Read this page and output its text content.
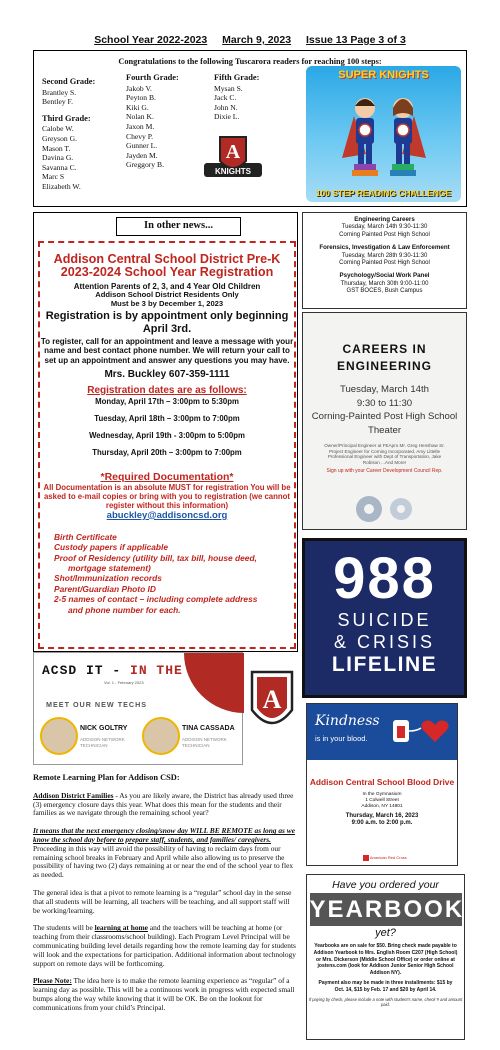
School Year 2022-2023 March 9, 2023 Issue 13 Page 3 of 3
Congratulations to the following Tuscarora readers for reaching 100 steps:
Second Grade:
Brantley S.
Bentley F.
Third Grade:
Calobe W.
Greyson G.
Mason T.
Davina G.
Savanna C.
Marc S
Elizabeth W.
Fourth Grade:
Jakob V.
Peyton B.
Kiki G.
Nolan K.
Jaxon M.
Chevy P.
Gunner L.
Jayden M.
Greggory B.
Fifth Grade:
Mysan S.
Jack C.
John N.
Dixie L.
A
KNIGHTS
SUPER KNIGHTS
100 STEP READING CHALLENGE
In other news...
Addison Central School District Pre-K 2023-2024 School Year Registration
Attention Parents of 2, 3, and 4 Year Old Children
Addison School District Residents Only
Must be 3 by December 1, 2023
Registration is by appointment only beginning April 3rd.
To register, call for an appointment and leave a message with your name and best contact phone number. We will return your call to set up an appointment and answer any questions you may have.
Mrs. Buckley 607-359-1111
Registration dates are as follows:
Monday, April 17th – 3:00pm to 5:30pm
Tuesday, April 18th – 3:00pm to 7:00pm
Wednesday, April 19th - 3:00pm to 5:00pm
Thursday, April 20th – 3:00pm to 7:00pm
*Required Documentation*
All Documentation is an absolute MUST for registration You will be asked to e-mail copies or bring with you to registration (we cannot register without this information)
abuckley@addisoncsd.org
Birth Certificate
Custody papers if applicable
Proof of Residency (utility bill, tax bill, house deed,
mortgage statement)
Shot/Immunization records
Parent/Guardian Photo ID
2-5 names of contact – including complete address
and phone number for each.
Engineering Careers
Tuesday, March 14th 9:30-11:30
Corning Painted Post High School
Forensics, Investigation & Law Enforcement
Tuesday, March 28th 9:30-11:30
Corning Painted Post High School
Psychology/Social Work Panel
Thursday, March 30th 9:00-11:00
GST BOCES, Bush Campus
CAREERS IN
ENGINEERING
Tuesday, March 14th
9:30 to 11:30
Corning-Painted Post High School Theater
Owner/Principal Engineer at FEApro Mr. Greg Henshaw Sr. Project Engineer for Corning Incorporated, Amy Littelle Professional Engineer with Dept of Transportation, Jake Robison ...And More!
Sign up with your Career Development Council Rep.
988
SUICIDE
& CRISIS
LIFELINE
ACSD IT - IN THE KNOW
Vol. 1 - February 2023
MEET OUR NEW TECHS
NICK GOLTRY
ADDISON NETWORK TECHNICIAN
TINA CASSADA
ADDISON NETWORK TECHNICIAN
A
Remote Learning Plan for Addison CSD:

Addison District Families - As you are likely aware, the District has already used three (3) emergency closure days this year. What does this mean for the students and their families as we navigate through the remaining school year?

It means that the next emergency closing/snow day WILL BE REMOTE as long as we know the school day before to prepare staff, students, and families/ caregivers. Proceeding in this way will avoid the possibility of having to reclaim days from our remaining school breaks in February and April while also allowing us to preserve the possibility of having two (2) days remaining at or near the end of the school year to flex as needed.

The general idea is that a pivot to remote learning is a “regular” school day in the sense that all students will be learning, all teachers will be teaching, and all support staff will be working/learning.

The students will be learning at home and the teachers will be teaching at home (or teaching from their classrooms/school building). Each Program Level Principal will be communicating building level details regarding how the remote learning day for students will look and the expectations for participation. Additional information about technology support on remote days will be forthcoming.

Please Note: The idea here is to make the remote learning experience as “regular” of a learning day as possible. This will be a continuous work in progress with expected small bumps along the way while knowing that it will be OK. Be on the lookout for communications from your child’s Principal.

Kindness
is in your blood.
Addison Central School Blood Drive
In the Gymnasium
1 Colwell Street
Addison, NY 14801
Thursday, March 16, 2023
9:00 a.m. to 2:00 p.m.
American Red Cross
Have you ordered your
YEARBOOK
yet?
Yearbooks are on sale for $50. Bring check made payable to Addison Yearbook to Mrs. English Room C207 (High School) or Mrs. Dickerson (Middle School Office) or order online at jostens.com (look for Addison Junior Senior High School Addison NY).
Payment also may be made in three installments: $15 by Oct. 14, $15 by Feb. 17 and $20 by April 14.
If paying by check, please include a note with student's name, check # and amount paid.
